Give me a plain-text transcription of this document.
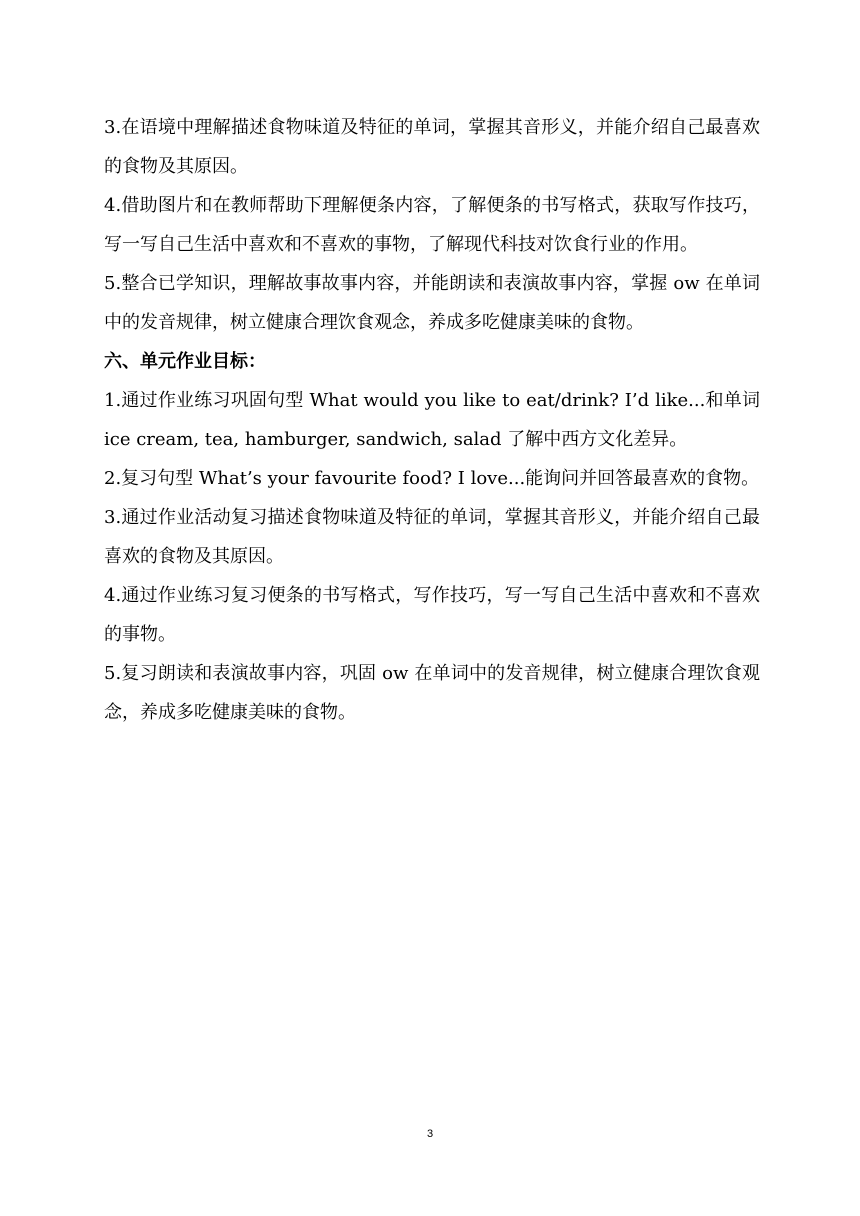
3.在语境中理解描述食物味道及特征的单词，掌握其音形义，并能介绍自己最喜欢的食物及其原因。

4.借助图片和在教师帮助下理解便条内容，了解便条的书写格式，获取写作技巧，写一写自己生活中喜欢和不喜欢的事物，了解现代科技对饮食行业的作用。

5.整合已学知识，理解故事故事内容，并能朗读和表演故事内容，掌握 ow 在单词中的发音规律，树立健康合理饮食观念，养成多吃健康美味的食物。

六、单元作业目标：

1.通过作业练习巩固句型 What would you like to eat/drink? I’d like...和单词 ice cream, tea, hamburger, sandwich, salad 了解中西方文化差异。

2.复习句型 What’s your favourite food? I love...能询问并回答最喜欢的食物。

3.通过作业活动复习描述食物味道及特征的单词，掌握其音形义，并能介绍自己最喜欢的食物及其原因。

4.通过作业练习复习便条的书写格式，写作技巧，写一写自己生活中喜欢和不喜欢的事物。

5.复习朗读和表演故事内容，巩固 ow 在单词中的发音规律，树立健康合理饮食观念，养成多吃健康美味的食物。

3
